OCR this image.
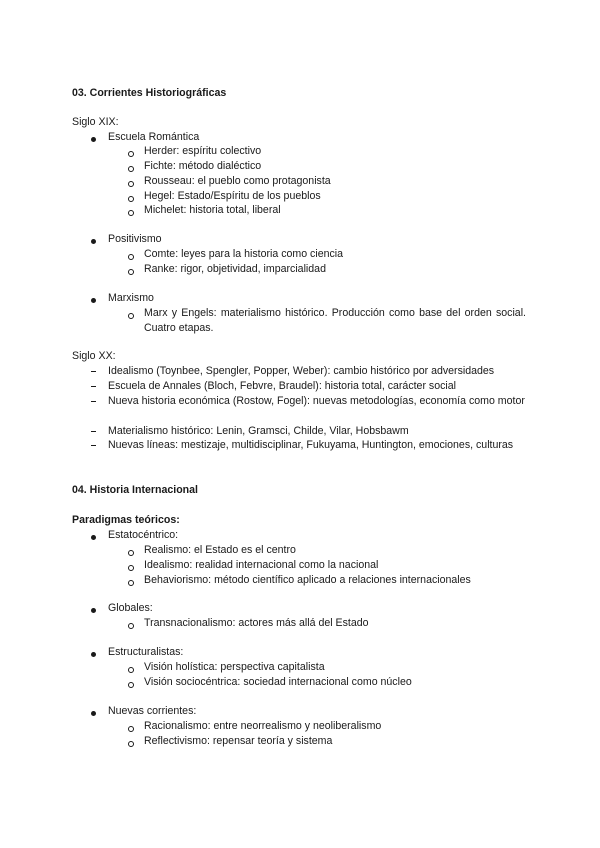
03. Corrientes Historiográficas
Siglo XIX:
Escuela Romántica
Herder: espíritu colectivo
Fichte: método dialéctico
Rousseau: el pueblo como protagonista
Hegel: Estado/Espíritu de los pueblos
Michelet: historia total, liberal
Positivismo
Comte: leyes para la historia como ciencia
Ranke: rigor, objetividad, imparcialidad
Marxismo
Marx y Engels: materialismo histórico. Producción como base del orden social. Cuatro etapas.
Siglo XX:
Idealismo (Toynbee, Spengler, Popper, Weber): cambio histórico por adversidades
Escuela de Annales (Bloch, Febvre, Braudel): historia total, carácter social
Nueva historia económica (Rostow, Fogel): nuevas metodologías, economía como motor
Materialismo histórico: Lenin, Gramsci, Childe, Vilar, Hobsbawm
Nuevas líneas: mestizaje, multidisciplinar, Fukuyama, Huntington, emociones, culturas
04. Historia Internacional
Paradigmas teóricos:
Estatocéntrico:
Realismo: el Estado es el centro
Idealismo: realidad internacional como la nacional
Behaviorismo: método científico aplicado a relaciones internacionales
Globales:
Transnacionalismo: actores más allá del Estado
Estructuralistas:
Visión holística: perspectiva capitalista
Visión sociocéntrica: sociedad internacional como núcleo
Nuevas corrientes:
Racionalismo: entre neorrealismo y neoliberalismo
Reflectivismo: repensar teoría y sistema
